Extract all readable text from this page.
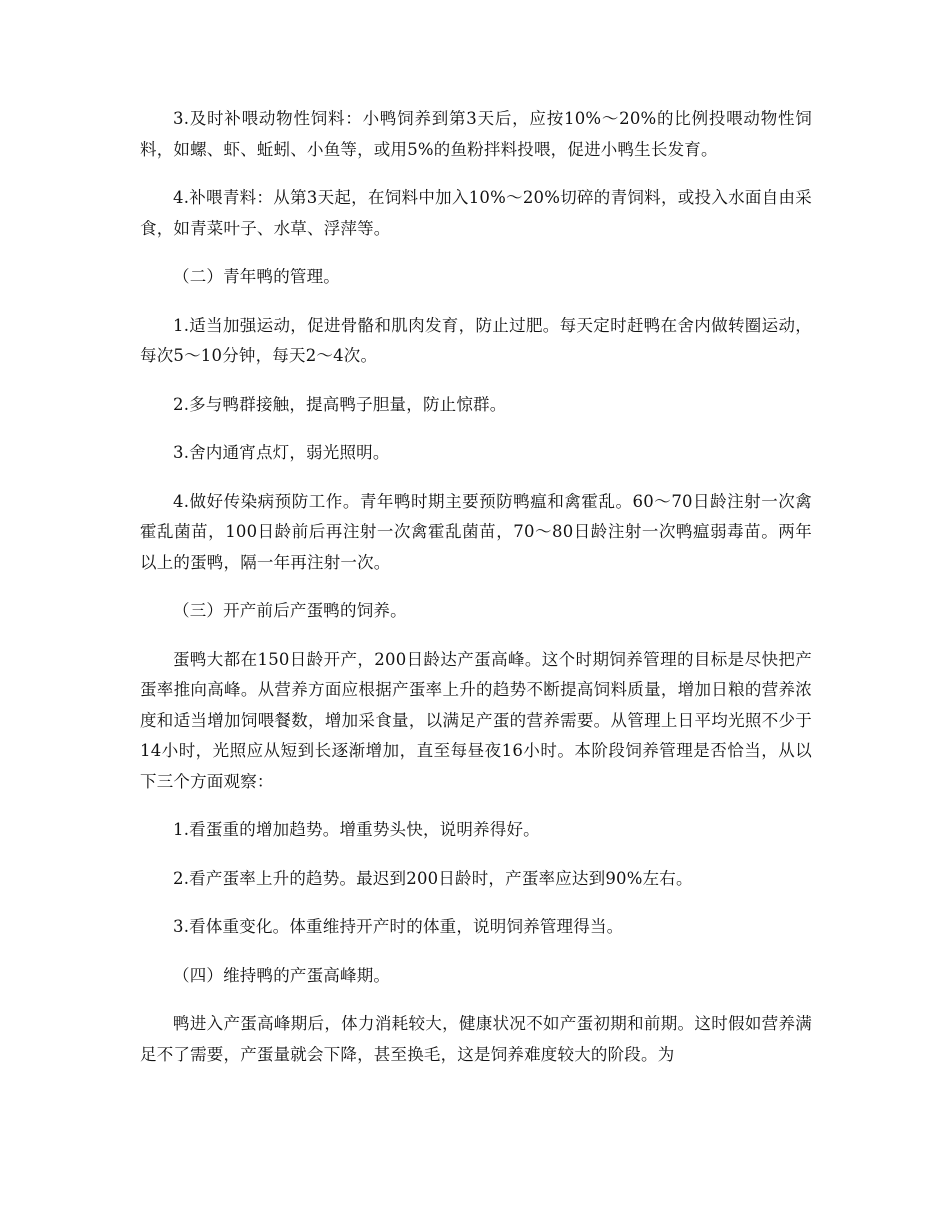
3.及时补喂动物性饲料：小鸭饲养到第3天后，应按10%～20%的比例投喂动物性饲料，如螺、虾、蚯蚓、小鱼等，或用5%的鱼粉拌料投喂，促进小鸭生长发育。

4.补喂青料：从第3天起，在饲料中加入10%～20%切碎的青饲料，或投入水面自由采食，如青菜叶子、水草、浮萍等。

（二）青年鸭的管理。

1.适当加强运动，促进骨骼和肌肉发育，防止过肥。每天定时赶鸭在舍内做转圈运动，每次5～10分钟，每天2～4次。

2.多与鸭群接触，提高鸭子胆量，防止惊群。

3.舍内通宵点灯，弱光照明。

4.做好传染病预防工作。青年鸭时期主要预防鸭瘟和禽霍乱。60～70日龄注射一次禽霍乱菌苗，100日龄前后再注射一次禽霍乱菌苗，70～80日龄注射一次鸭瘟弱毒苗。两年以上的蛋鸭，隔一年再注射一次。

（三）开产前后产蛋鸭的饲养。

蛋鸭大都在150日龄开产，200日龄达产蛋高峰。这个时期饲养管理的目标是尽快把产蛋率推向高峰。从营养方面应根据产蛋率上升的趋势不断提高饲料质量，增加日粮的营养浓度和适当增加饲喂餐数，增加采食量，以满足产蛋的营养需要。从管理上日平均光照不少于14小时，光照应从短到长逐渐增加，直至每昼夜16小时。本阶段饲养管理是否恰当，从以下三个方面观察：

1.看蛋重的增加趋势。增重势头快，说明养得好。

2.看产蛋率上升的趋势。最迟到200日龄时，产蛋率应达到90%左右。

3.看体重变化。体重维持开产时的体重，说明饲养管理得当。

（四）维持鸭的产蛋高峰期。

鸭进入产蛋高峰期后，体力消耗较大，健康状况不如产蛋初期和前期。这时假如营养满足不了需要，产蛋量就会下降，甚至换毛，这是饲养难度较大的阶段。为
